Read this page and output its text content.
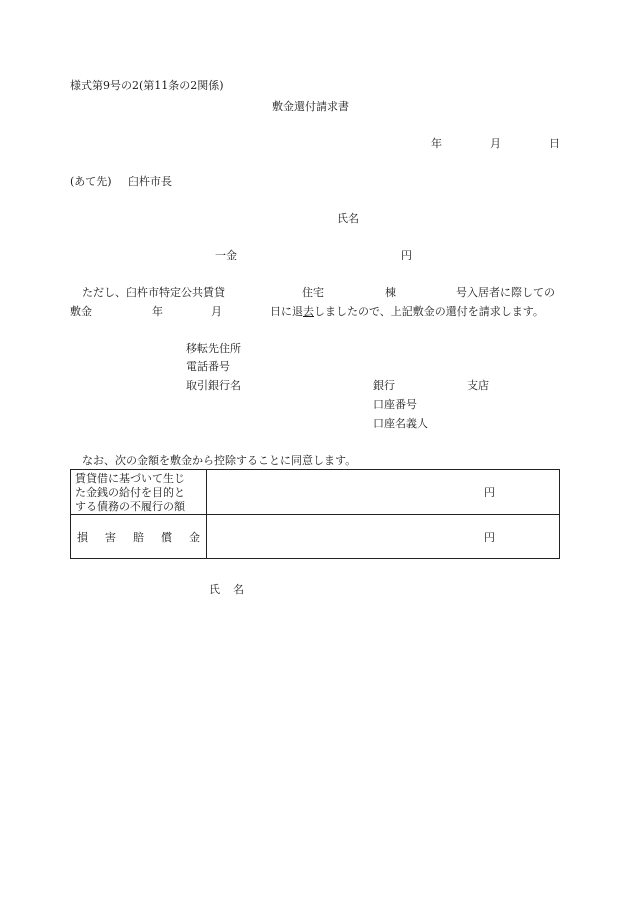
様式第9号の2(第11条の2関係)
敷金還付請求書
年	月	日
(あて先) 臼杵市長
氏名
一金	円
ただし、臼杵市特定公共賃貸	住宅	棟	号入居者に際しての
敷金	年	月	日に退去しましたので、上記敷金の還付を請求します。
移転先住所
電話番号
取引銀行名	銀行	支店
口座番号
口座名義人
なお、次の金額を敷金から控除することに同意します。
賃貸借に基づいて生じ
た金銭の給付を目的と
する債務の不履行の額	円

損 害 賠 償 金	円
氏 名
